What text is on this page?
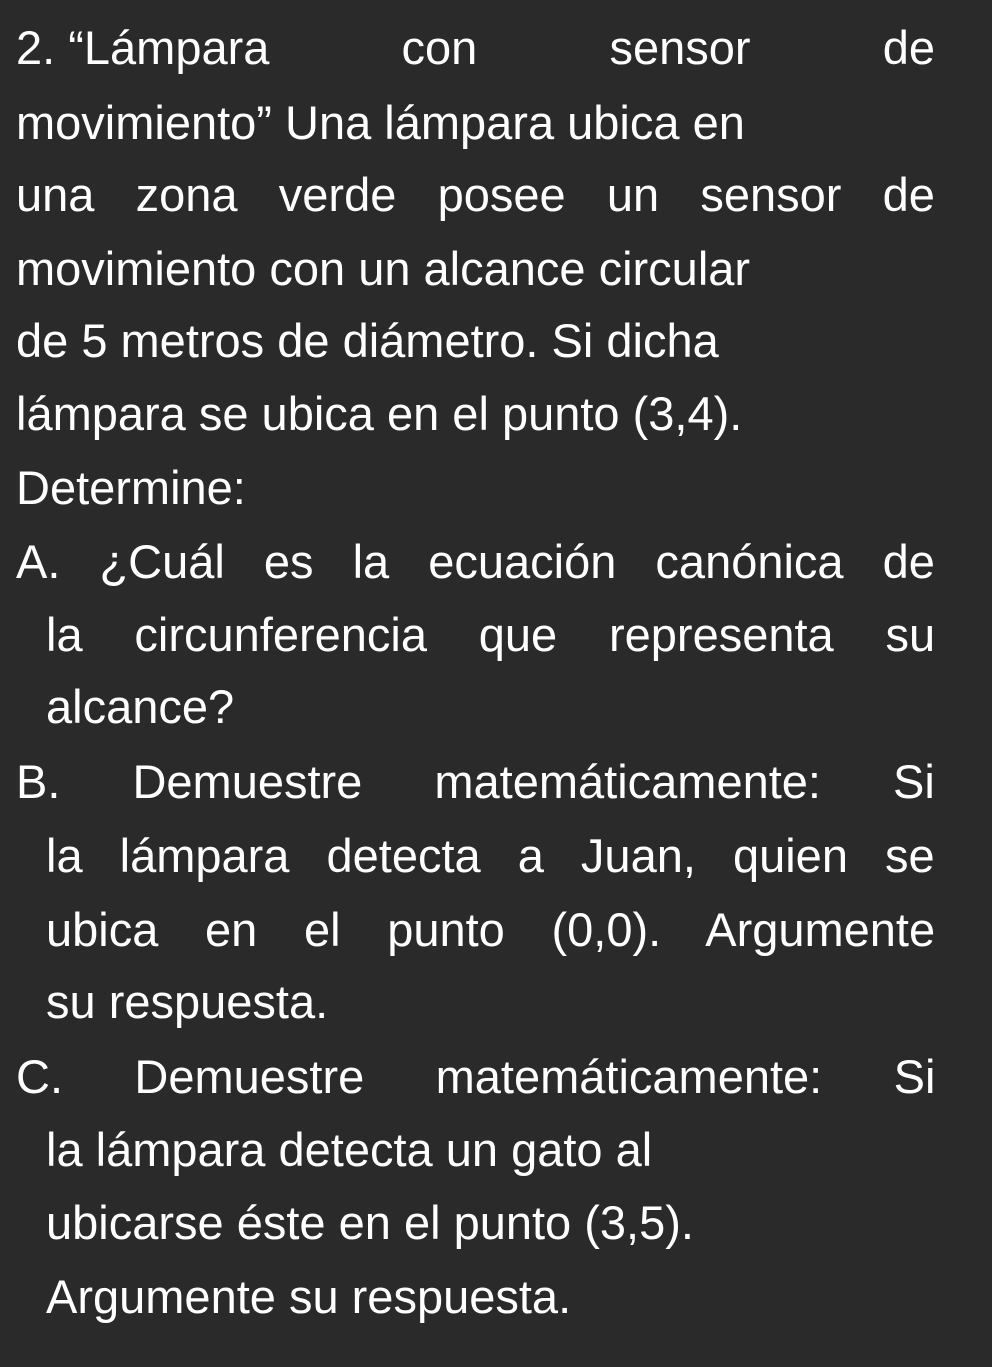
2. “Lámpara	con	sensor	de
movimiento” Una lámpara ubica en
una zona verde posee un sensor de
movimiento con un alcance circular
de 5 metros de diámetro. Si dicha
lámpara se ubica en el punto (3,4).
Determine:
A. ¿Cuál es la ecuación canónica de
la circunferencia que representa su
alcance?
B. Demuestre matemáticamente: Si
la lámpara detecta a Juan, quien se
ubica en el punto (0,0). Argumente
su respuesta.
C. Demuestre matemáticamente: Si
la lámpara detecta un gato al
ubicarse éste en el punto (3,5).
Argumente su respuesta.
